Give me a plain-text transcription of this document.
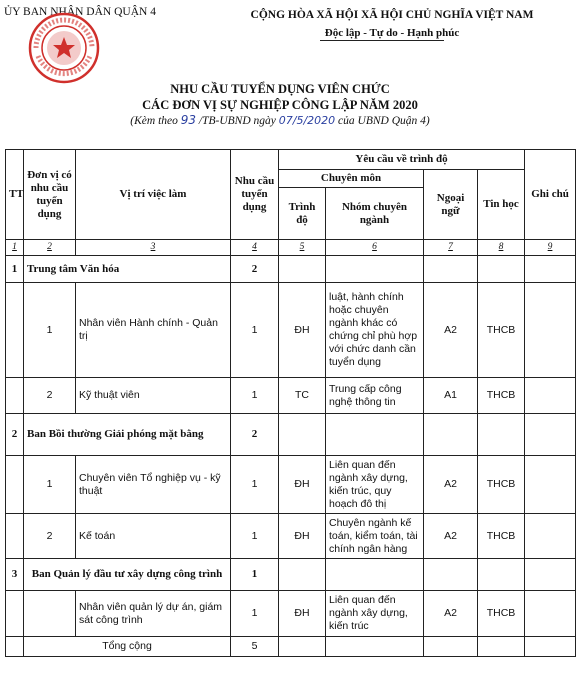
ỦY BAN NHÂN DÂN QUẬN 4	CỘNG HÒA XÃ HỘI XÃ HỘI CHỦ NGHĨA VIỆT NAM
Độc lập - Tự do - Hạnh phúc
NHU CẦU TUYỂN DỤNG VIÊN CHỨC
CÁC ĐƠN VỊ SỰ NGHIỆP CÔNG LẬP NĂM 2020
(Kèm theo 93 /TB-UBND ngày 07/5/2020 của UBND Quận 4)
TT	Đơn vị có nhu cầu tuyển dụng	Vị trí việc làm	Nhu cầu tuyển dụng	Yêu cầu về trình độ				Ghi chú
				Chuyên môn		Ngoại ngữ	Tin học	
				Trình độ	Nhóm chuyên ngành			
1	2	3	4	5	6	7	8	9
1	Trung tâm Văn hóa		2					
	1	Nhân viên Hành chính - Quản trị	1	ĐH	luật, hành chính hoặc chuyên ngành khác có chứng chỉ phù hợp với chức danh cần tuyển dụng	A2	THCB	
	2	Kỹ thuật viên	1	TC	Trung cấp công nghệ thông tin	A1	THCB	
2	Ban Bồi thường Giải phóng mặt bằng		2					
	1	Chuyên viên Tổ nghiệp vụ - kỹ thuật	1	ĐH	Liên quan đến ngành xây dựng, kiến trúc, quy hoạch đô thị	A2	THCB	
	2	Kế toán	1	ĐH	Chuyên ngành kế toán, kiểm toán, tài chính ngân hàng	A2	THCB	
3	Ban Quản lý đầu tư xây dựng công trình		1					
		Nhân viên quản lý dự án, giám sát công trình	1	ĐH	Liên quan đến ngành xây dựng, kiến trúc	A2	THCB	
	Tổng cộng		5					
